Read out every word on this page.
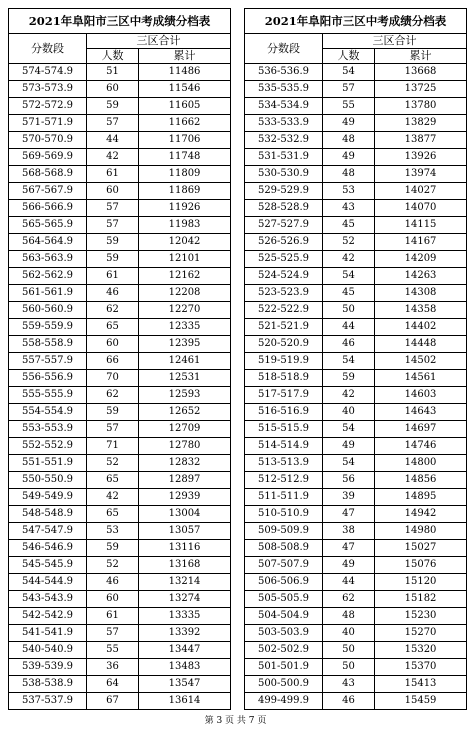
2021年阜阳市三区中考成绩分档表		
分数段	三区合计	
	人数	累计
574-574.9	51	11486
573-573.9	60	11546
572-572.9	59	11605
571-571.9	57	11662
570-570.9	44	11706
569-569.9	42	11748
568-568.9	61	11809
567-567.9	60	11869
566-566.9	57	11926
565-565.9	57	11983
564-564.9	59	12042
563-563.9	59	12101
562-562.9	61	12162
561-561.9	46	12208
560-560.9	62	12270
559-559.9	65	12335
558-558.9	60	12395
557-557.9	66	12461
556-556.9	70	12531
555-555.9	62	12593
554-554.9	59	12652
553-553.9	57	12709
552-552.9	71	12780
551-551.9	52	12832
550-550.9	65	12897
549-549.9	42	12939
548-548.9	65	13004
547-547.9	53	13057
546-546.9	59	13116
545-545.9	52	13168
544-544.9	46	13214
543-543.9	60	13274
542-542.9	61	13335
541-541.9	57	13392
540-540.9	55	13447
539-539.9	36	13483
538-538.9	64	13547
537-537.9	67	13614
2021年阜阳市三区中考成绩分档表		
分数段	三区合计	
	人数	累计
536-536.9	54	13668
535-535.9	57	13725
534-534.9	55	13780
533-533.9	49	13829
532-532.9	48	13877
531-531.9	49	13926
530-530.9	48	13974
529-529.9	53	14027
528-528.9	43	14070
527-527.9	45	14115
526-526.9	52	14167
525-525.9	42	14209
524-524.9	54	14263
523-523.9	45	14308
522-522.9	50	14358
521-521.9	44	14402
520-520.9	46	14448
519-519.9	54	14502
518-518.9	59	14561
517-517.9	42	14603
516-516.9	40	14643
515-515.9	54	14697
514-514.9	49	14746
513-513.9	54	14800
512-512.9	56	14856
511-511.9	39	14895
510-510.9	47	14942
509-509.9	38	14980
508-508.9	47	15027
507-507.9	49	15076
506-506.9	44	15120
505-505.9	62	15182
504-504.9	48	15230
503-503.9	40	15270
502-502.9	50	15320
501-501.9	50	15370
500-500.9	43	15413
499-499.9	46	15459
第 3 页 共 7 页
